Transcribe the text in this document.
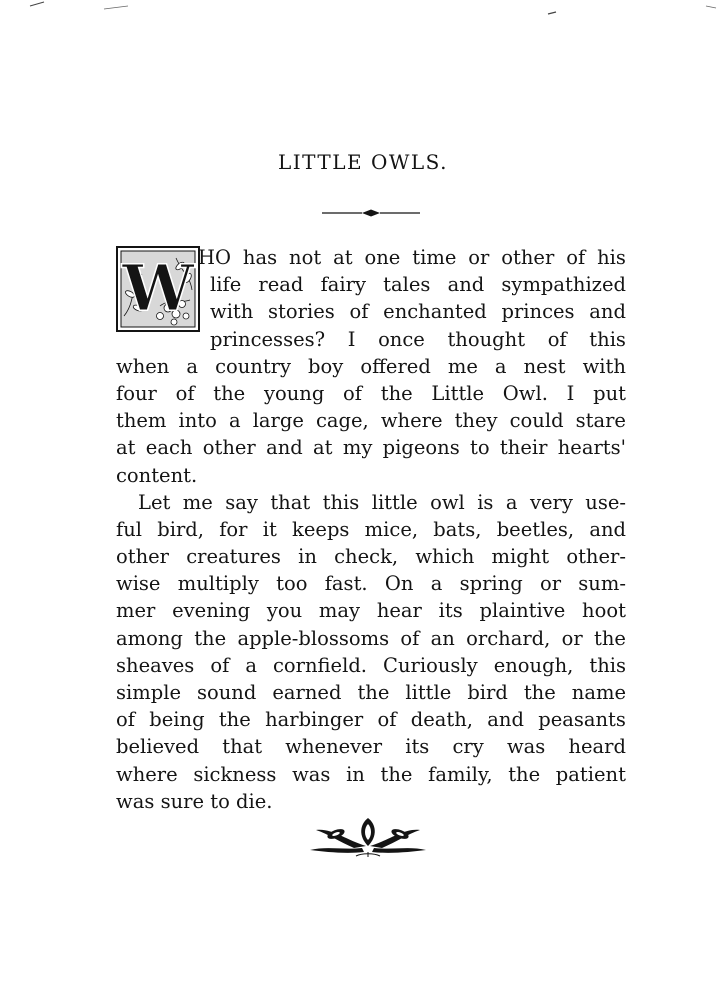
LITTLE OWLS.
W HO has not at one time or other of his
life read fairy tales and sympathized
with stories of enchanted princes and
princesses? I once thought of this
when a country boy offered me a nest with
four of the young of the Little Owl. I put
them into a large cage, where they could stare
at each other and at my pigeons to their hearts'
content.
Let me say that this little owl is a very use-
ful bird, for it keeps mice, bats, beetles, and
other creatures in check, which might other-
wise multiply too fast. On a spring or sum-
mer evening you may hear its plaintive hoot
among the apple-blossoms of an orchard, or the
sheaves of a cornfield. Curiously enough, this
simple sound earned the little bird the name
of being the harbinger of death, and peasants
believed that whenever its cry was heard
where sickness was in the family, the patient
was sure to die.
